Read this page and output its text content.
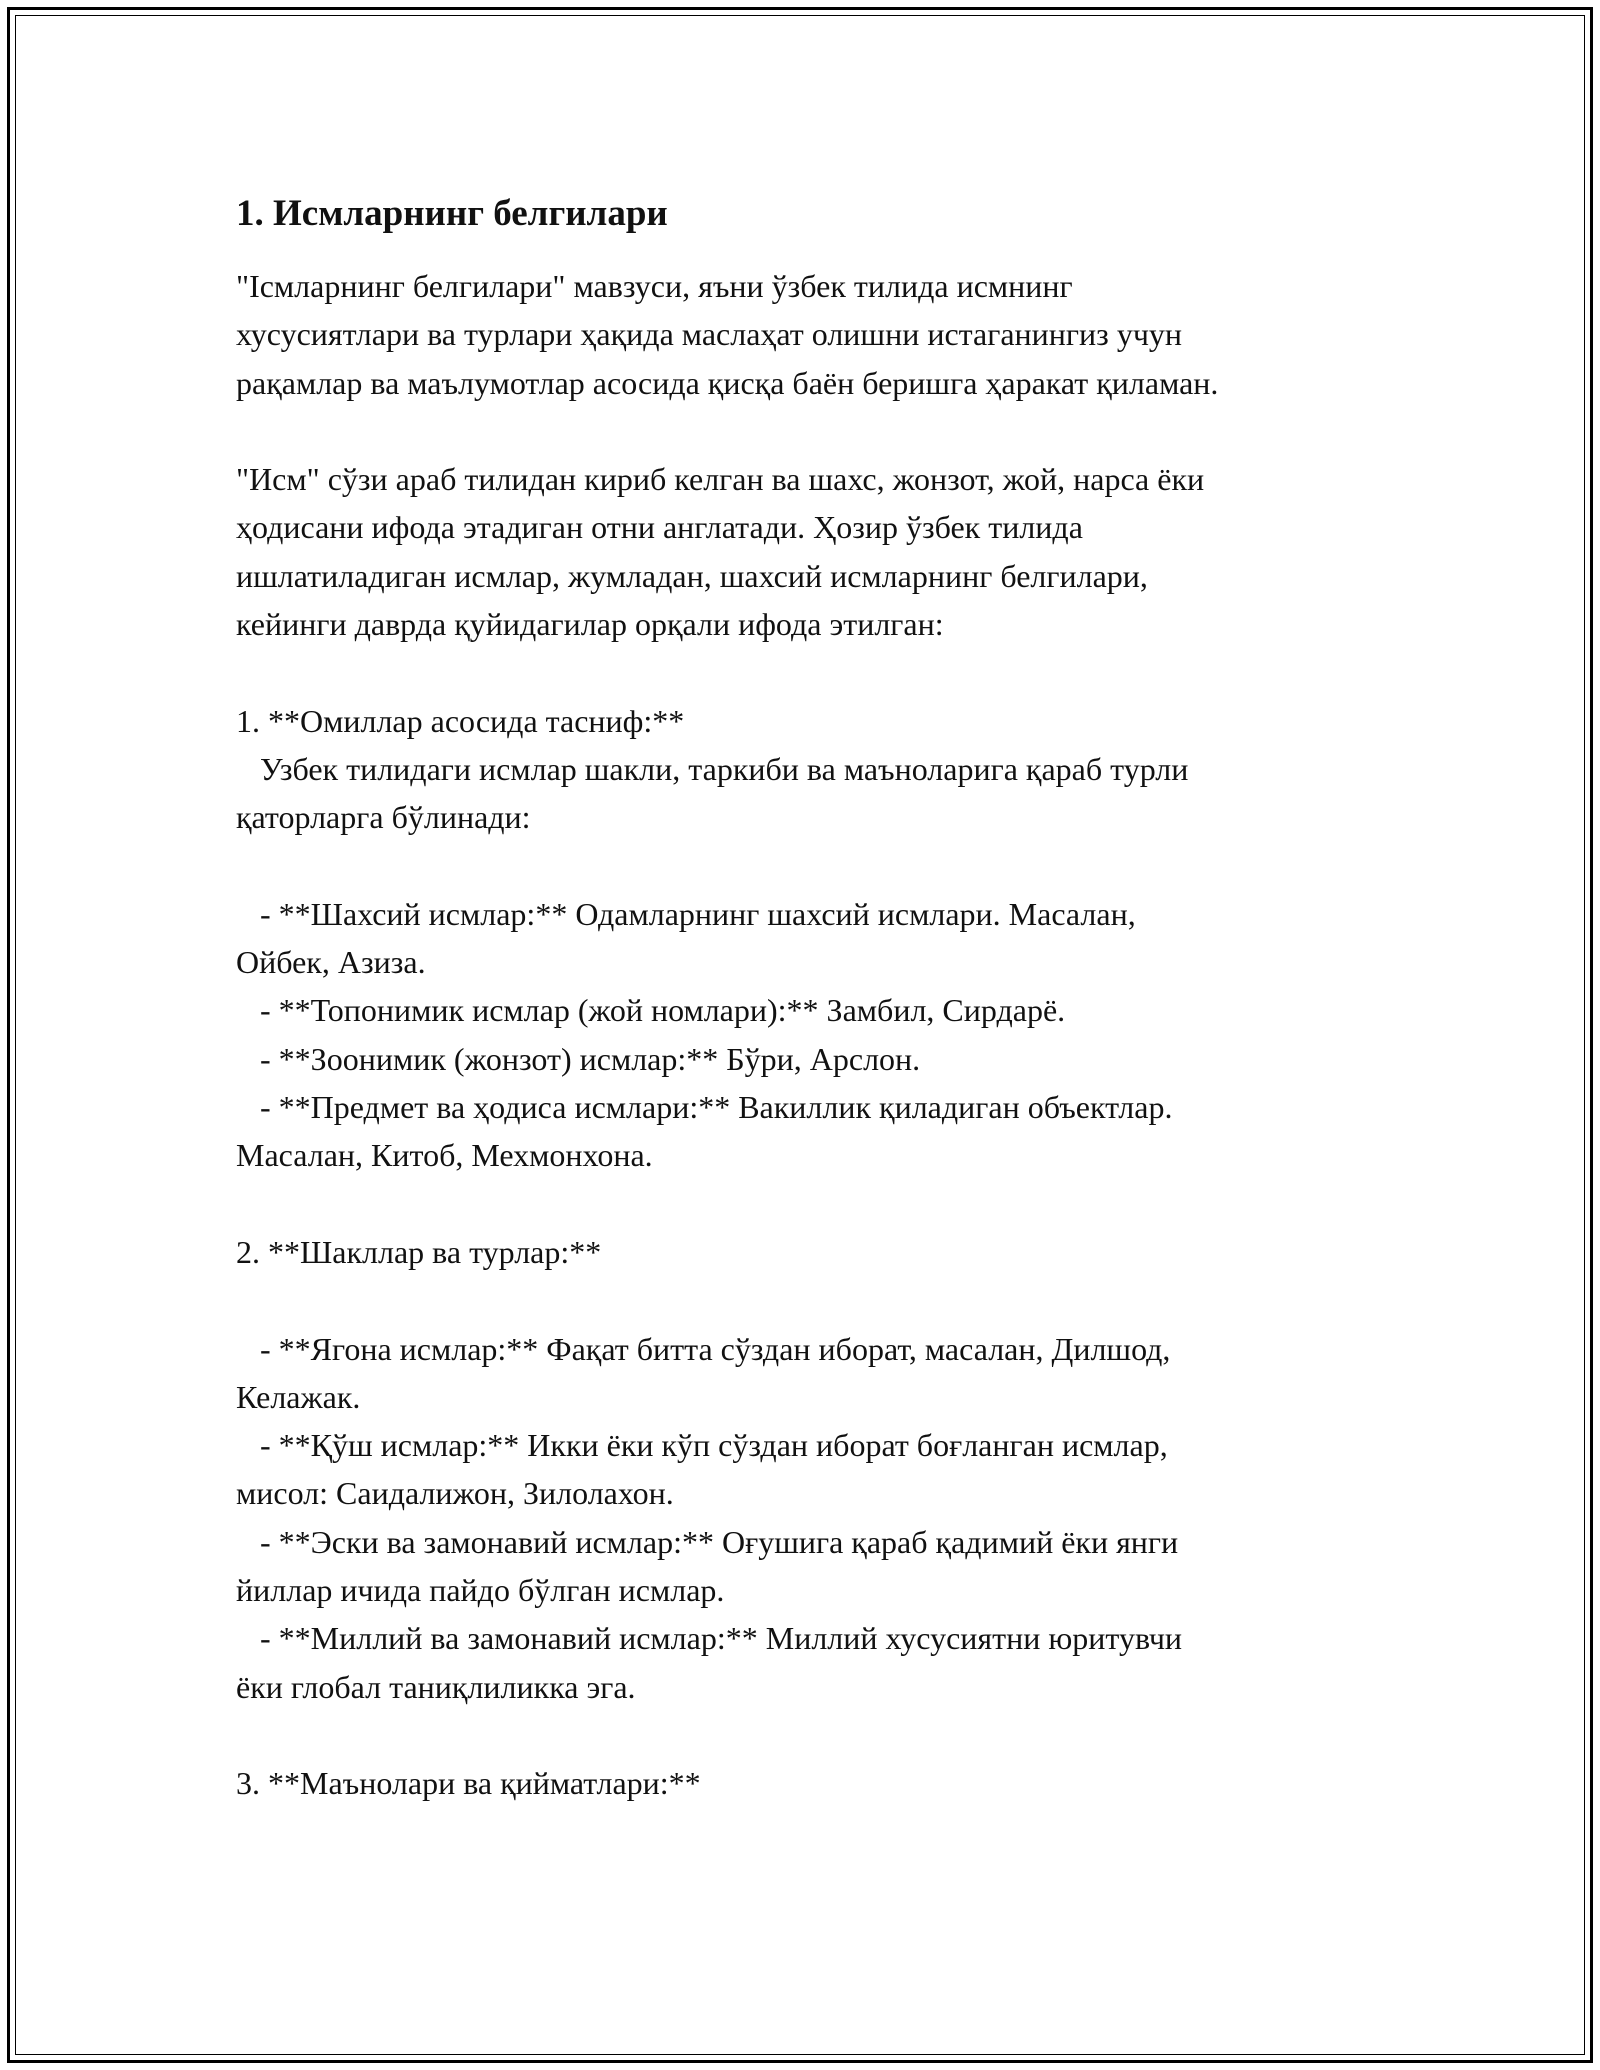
1. Исмларнинг белгилари

"Ісмларнинг белгилари" мавзуси, яъни ўзбек тилида исмнинг
хусусиятлари ва турлари ҳақида маслаҳат олишни истаганингиз учун
рақамлар ва маълумотлар асосида қисқа баён беришга ҳаракат қиламан.

"Исм" сўзи араб тилидан кириб келган ва шахс, жонзот, жой, нарса ёки
ҳодисани ифода этадиган отни англатади. Ҳозир ўзбек тилида
ишлатиладиган исмлар, жумладан, шахсий исмларнинг белгилари,
кейинги даврда қуйидагилар орқали ифода этилган:

1. **Омиллар асосида тасниф:**
Узбек тилидаги исмлар шакли, таркиби ва маъноларига қараб турли
қаторларга бўлинади:

- **Шахсий исмлар:** Одамларнинг шахсий исмлари. Масалан,
Ойбек, Азиза.
- **Топонимик исмлар (жой номлари):** Замбил, Сирдарё.
- **Зоонимик (жонзот) исмлар:** Бўри, Арслон.
- **Предмет ва ҳодиса исмлари:** Вакиллик қиладиган объектлар.
Масалан, Китоб, Мехмонхона.

2. **Шакллар ва турлар:**

- **Ягона исмлар:** Фақат битта сўздан иборат, масалан, Дилшод,
Келажак.
- **Қўш исмлар:** Икки ёки кўп сўздан иборат боғланган исмлар,
мисол: Саидалижон, Зилолахон.
- **Эски ва замонавий исмлар:** Оғушига қараб қадимий ёки янги
йиллар ичида пайдо бўлган исмлар.
- **Миллий ва замонавий исмлар:** Миллий хусусиятни юритувчи
ёки глобал таниқлиликка эга.

3. **Маънолари ва қийматлари:**
